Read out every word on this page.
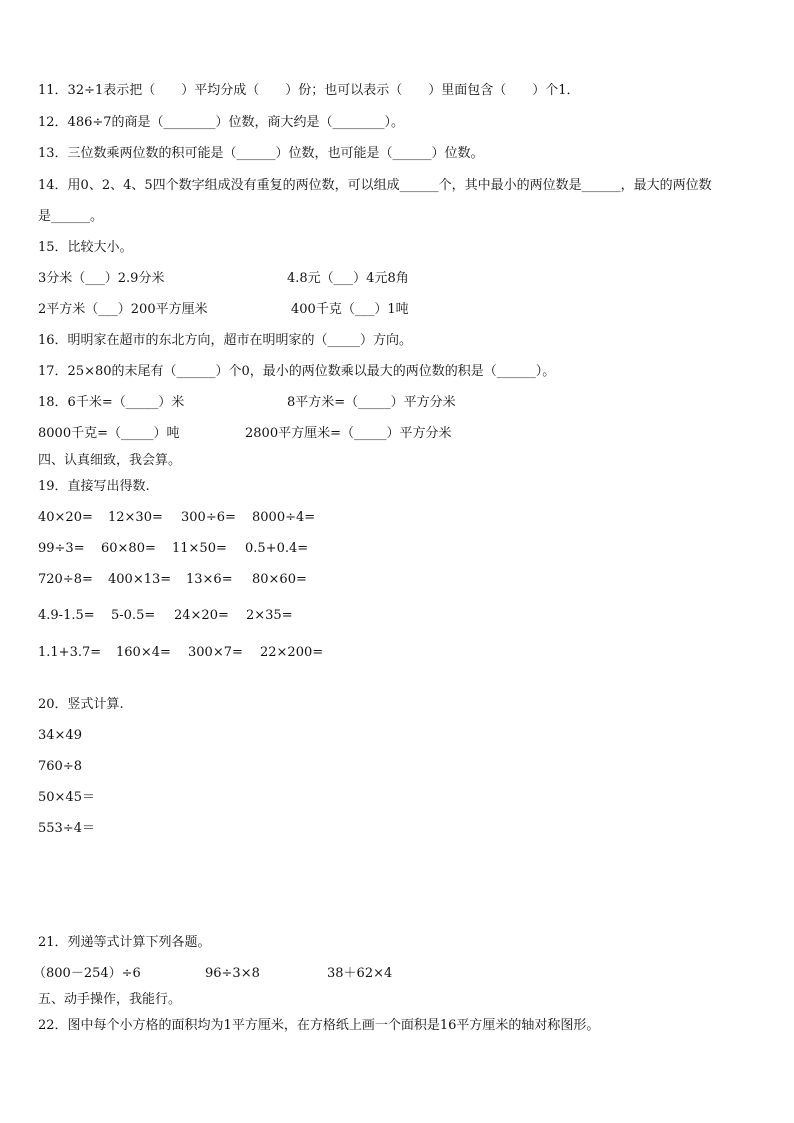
11．32÷1表示把（　　）平均分成（　　）份；也可以表示（　　）里面包含（　　）个1．
12．486÷7的商是（________）位数，商大约是（________）。
13．三位数乘两位数的积可能是（______）位数，也可能是（______）位数。
14．用0、2、4、5四个数字组成没有重复的两位数，可以组成______个，其中最小的两位数是______，最大的两位数
是______。
15．比较大小。
3分米（___）2.9分米	4.8元（___）4元8角
2平方米（___）200平方厘米	400千克（___）1吨
16．明明家在超市的东北方向，超市在明明家的（_____）方向。
17．25×80的末尾有（______）个0，最小的两位数乘以最大的两位数的积是（______）。
18．6千米=（_____）米	8平方米=（_____）平方分米
8000千克=（_____）吨	2800平方厘米=（_____）平方分米
四、认真细致，我会算。
19．直接写出得数.
40×20= 12×30= 300÷6= 8000÷4=
99÷3= 60×80= 11×50= 0.5+0.4=
720÷8= 400×13= 13×6= 80×60=
4.9-1.5= 5-0.5= 24×20= 2×35=
1.1+3.7= 160×4= 300×7= 22×200=
20．竖式计算.
34×49
760÷8
50×45＝
553÷4＝
21．列递等式计算下列各题。
（800－254）÷6	96÷3×8	38＋62×4
五、动手操作，我能行。
22．图中每个小方格的面积均为1平方厘米，在方格纸上画一个面积是16平方厘米的轴对称图形。
